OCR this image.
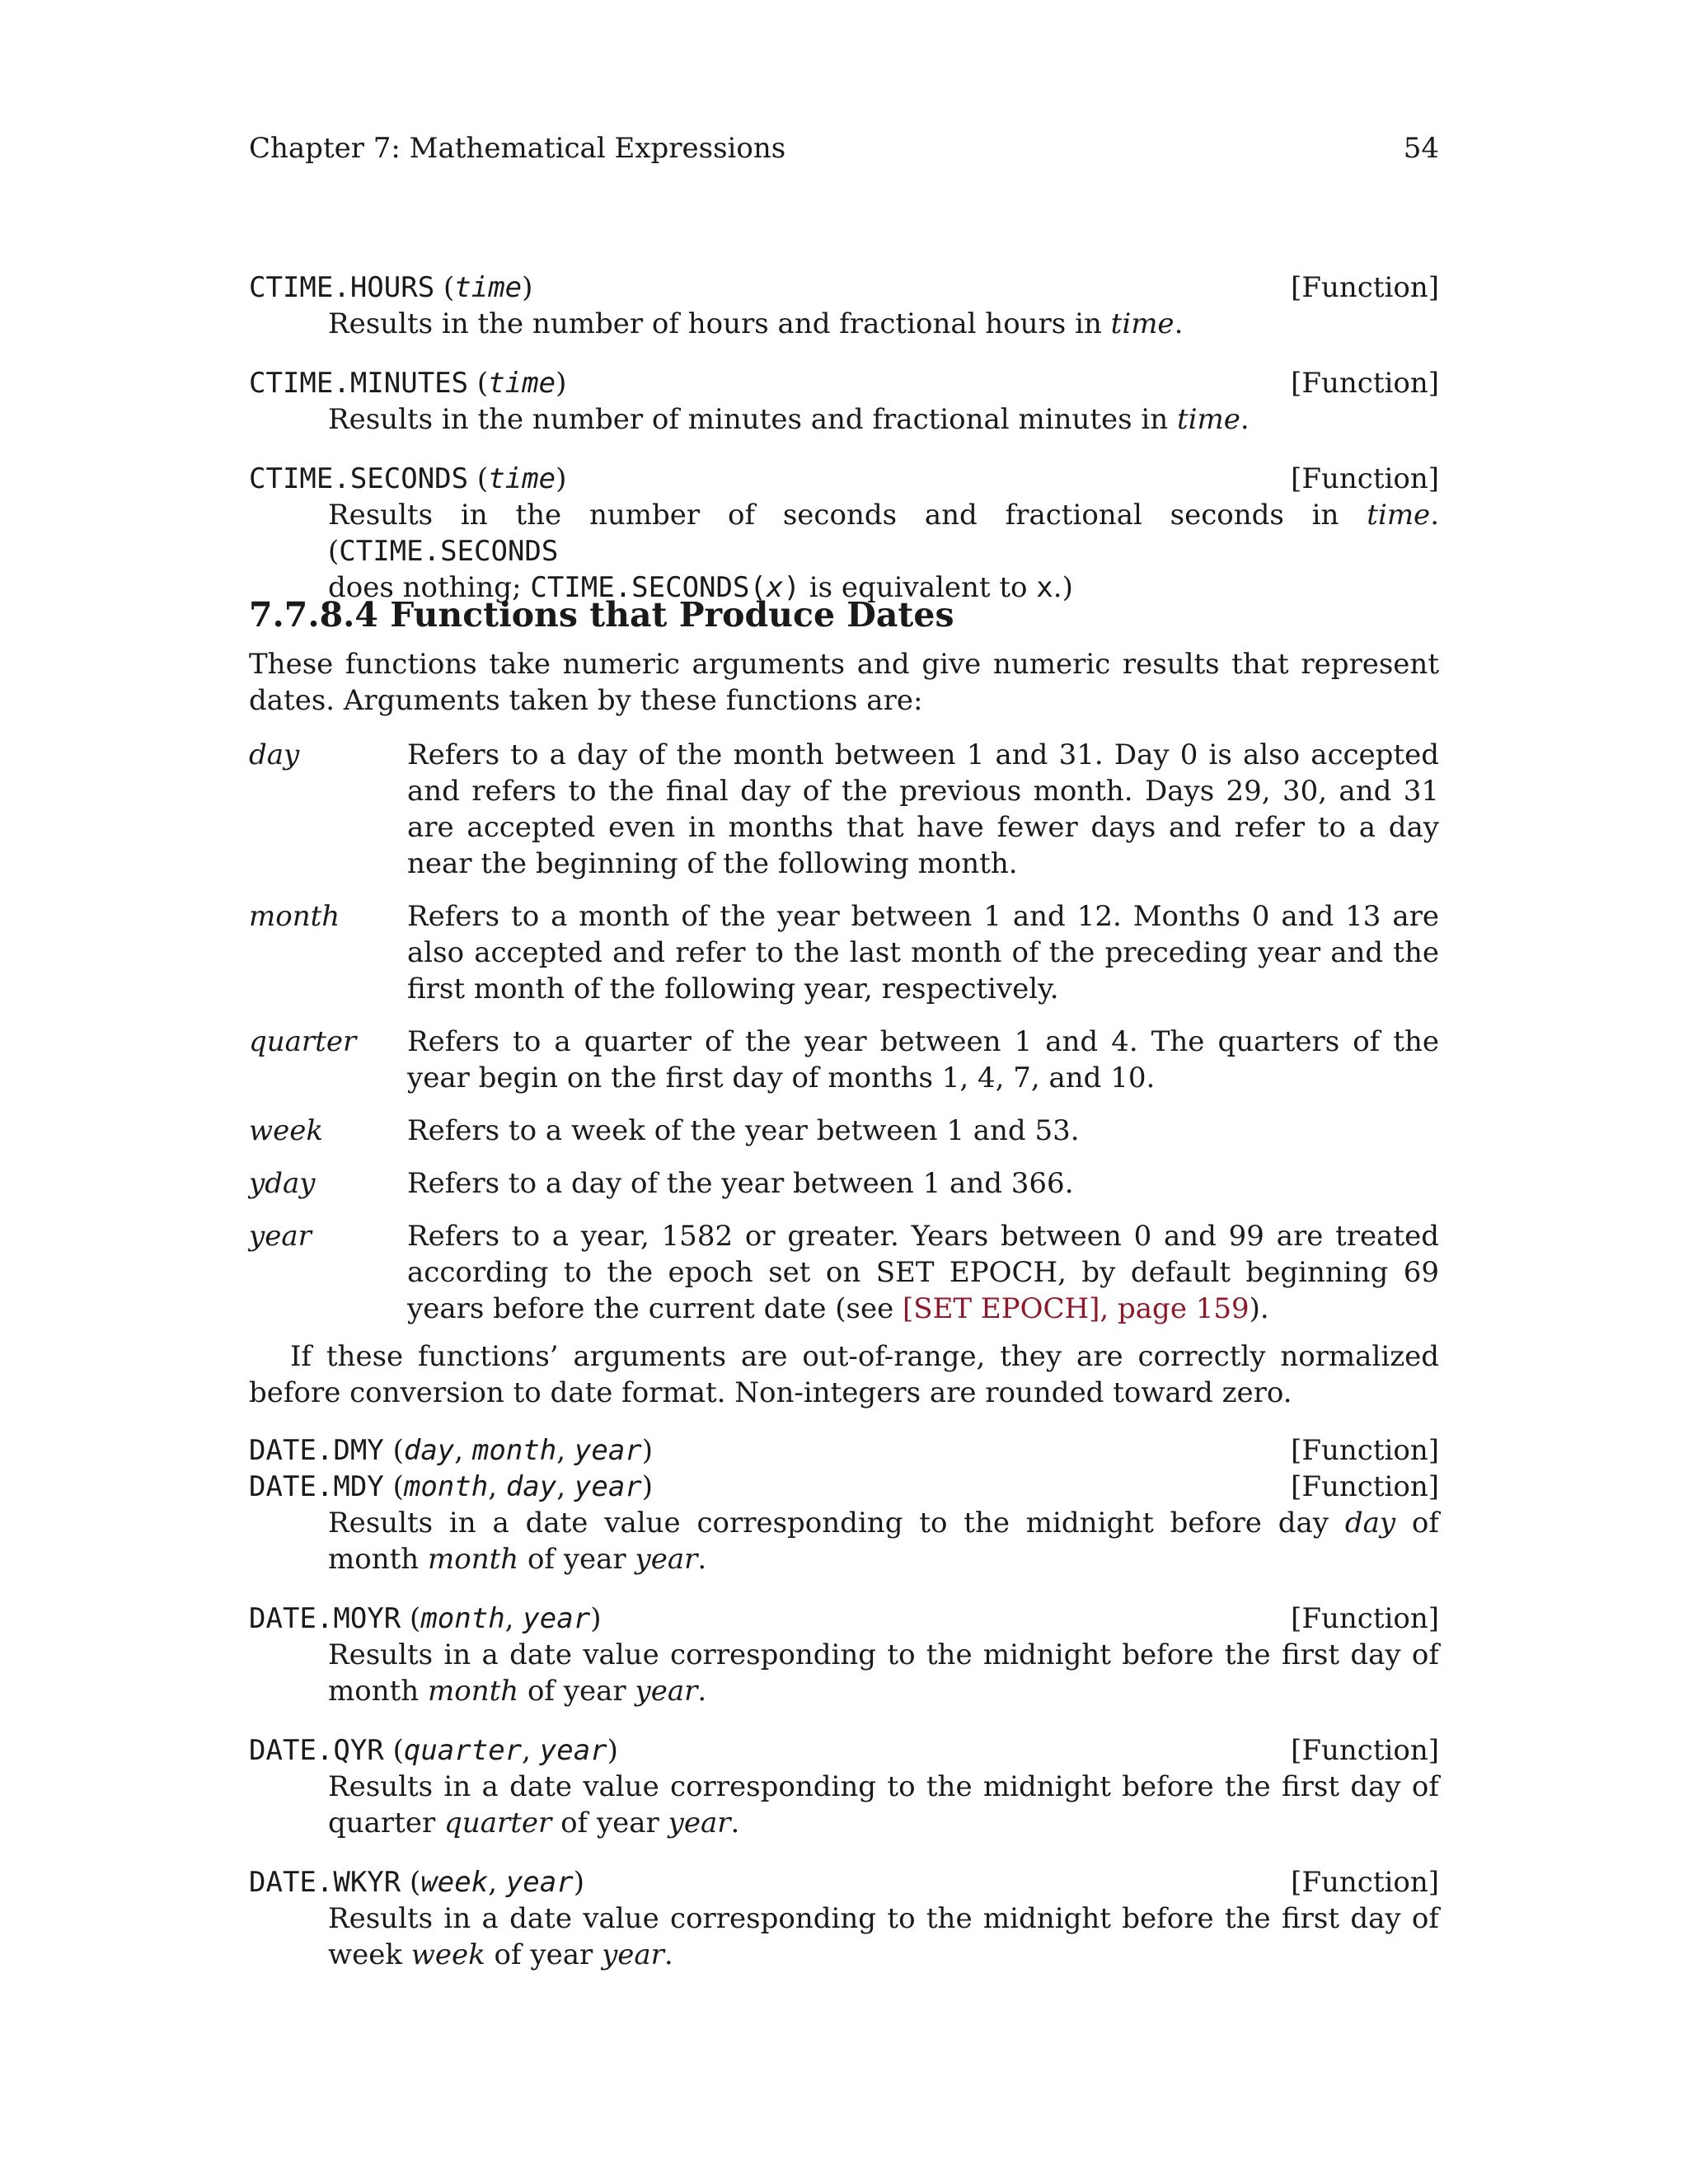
Chapter 7: Mathematical Expressions	54
CTIME.HOURS (time)	[Function]
Results in the number of hours and fractional hours in time.
CTIME.MINUTES (time)	[Function]
Results in the number of minutes and fractional minutes in time.
CTIME.SECONDS (time)	[Function]
Results in the number of seconds and fractional seconds in time. (CTIME.SECONDS
does nothing; CTIME.SECONDS(x) is equivalent to x.)
7.7.8.4 Functions that Produce Dates
These functions take numeric arguments and give numeric results that represent dates. Arguments taken by these functions are:
day	Refers to a day of the month between 1 and 31. Day 0 is also accepted and refers to the final day of the previous month. Days 29, 30, and 31 are accepted even in months that have fewer days and refer to a day near the beginning of the following month.
month	Refers to a month of the year between 1 and 12. Months 0 and 13 are also accepted and refer to the last month of the preceding year and the first month of the following year, respectively.
quarter	Refers to a quarter of the year between 1 and 4. The quarters of the year begin on the first day of months 1, 4, 7, and 10.
week	Refers to a week of the year between 1 and 53.
yday	Refers to a day of the year between 1 and 366.
year	Refers to a year, 1582 or greater. Years between 0 and 99 are treated according to the epoch set on SET EPOCH, by default beginning 69 years before the current date (see [SET EPOCH], page 159).
If these functions’ arguments are out-of-range, they are correctly normalized before conversion to date format. Non-integers are rounded toward zero.
DATE.DMY (day, month, year)	[Function]
DATE.MDY (month, day, year)	[Function]
Results in a date value corresponding to the midnight before day day of month month of year year.
DATE.MOYR (month, year)	[Function]
Results in a date value corresponding to the midnight before the first day of month month of year year.
DATE.QYR (quarter, year)	[Function]
Results in a date value corresponding to the midnight before the first day of quarter quarter of year year.
DATE.WKYR (week, year)	[Function]
Results in a date value corresponding to the midnight before the first day of week week of year year.
